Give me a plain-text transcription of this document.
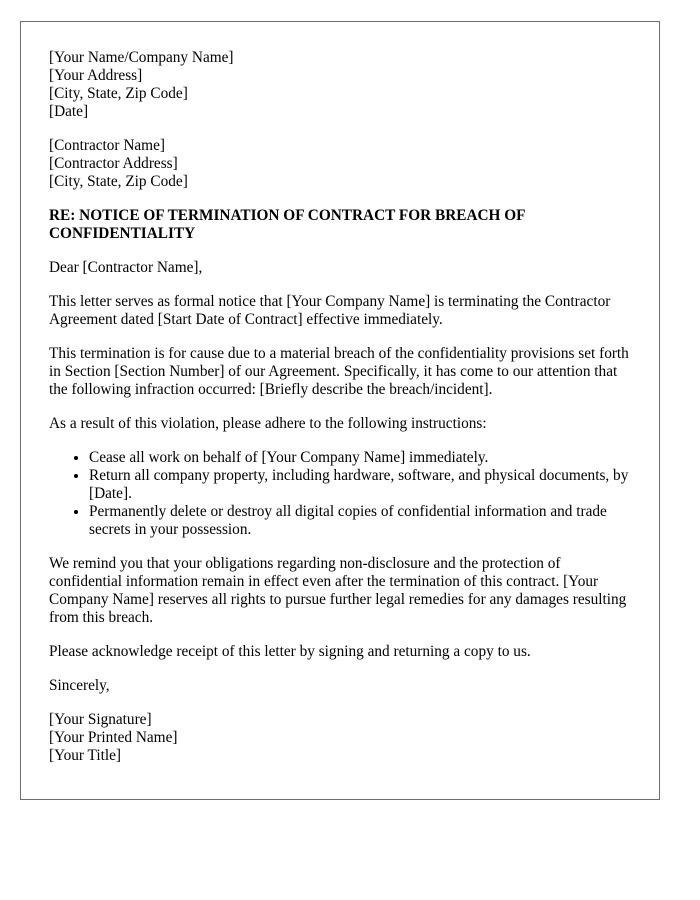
[Your Name/Company Name]

[Your Address]

[City, State, Zip Code]

[Date]

[Contractor Name]

[Contractor Address]

[City, State, Zip Code]

RE: NOTICE OF TERMINATION OF CONTRACT FOR BREACH OF CONFIDENTIALITY

Dear [Contractor Name],

This letter serves as formal notice that [Your Company Name] is terminating the Contractor Agreement dated [Start Date of Contract] effective immediately.

This termination is for cause due to a material breach of the confidentiality provisions set forth in Section [Section Number] of our Agreement. Specifically, it has come to our attention that the following infraction occurred: [Briefly describe the breach/incident].

As a result of this violation, please adhere to the following instructions:

• Cease all work on behalf of [Your Company Name] immediately.
• Return all company property, including hardware, software, and physical documents, by [Date].
• Permanently delete or destroy all digital copies of confidential information and trade secrets in your possession.

We remind you that your obligations regarding non-disclosure and the protection of confidential information remain in effect even after the termination of this contract. [Your Company Name] reserves all rights to pursue further legal remedies for any damages resulting from this breach.

Please acknowledge receipt of this letter by signing and returning a copy to us.

Sincerely,

[Your Signature]

[Your Printed Name]

[Your Title]
